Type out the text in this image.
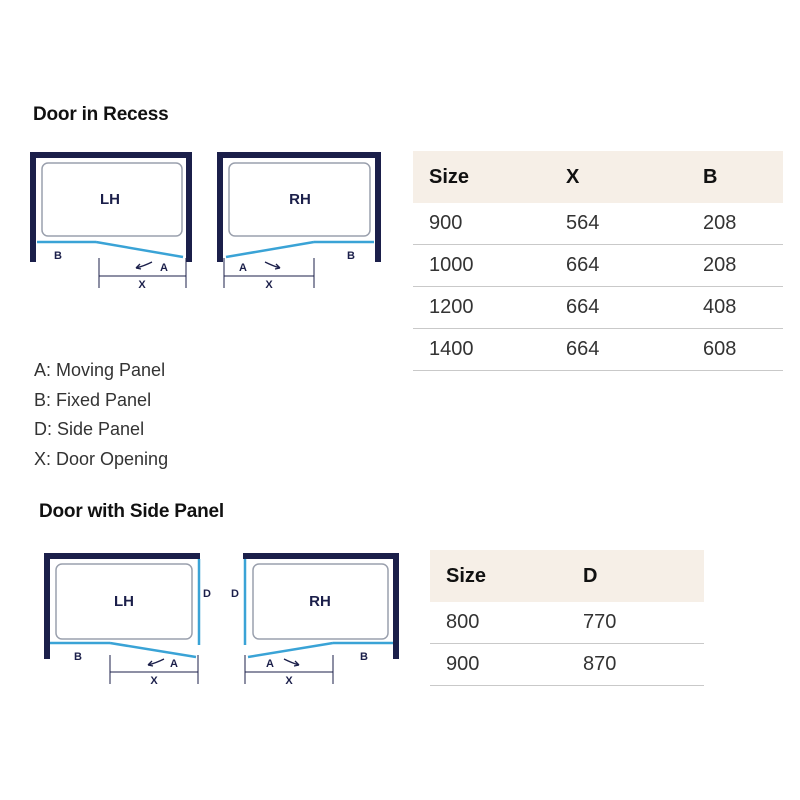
Door in Recess
Door with Side Panel
LH
B
A
X
RH
B
A
X
LH	D
B
A
X
RH
D
B
A
X
A: Moving Panel
B: Fixed Panel
D: Side Panel
X: Door Opening
Size	X	B
900	564	208
1000	664	208
1200	664	408
1400	664	608
Size	D
800	770
900	870
